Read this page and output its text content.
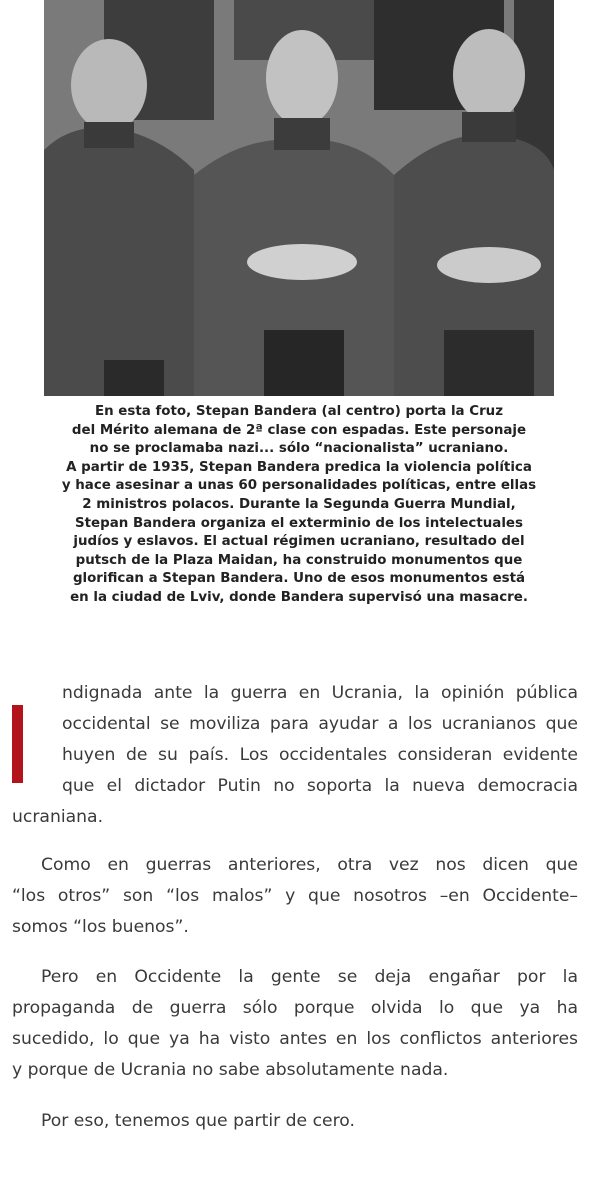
En esta foto, Stepan Bandera (al centro) porta la Cruz
del Mérito alemana de 2ª clase con espadas. Este personaje
no se proclamaba nazi... sólo “nacionalista” ucraniano.
A partir de 1935, Stepan Bandera predica la violencia política
y hace asesinar a unas 60 personalidades políticas, entre ellas
2 ministros polacos. Durante la Segunda Guerra Mundial,
Stepan Bandera organiza el exterminio de los intelectuales
judíos y eslavos. El actual régimen ucraniano, resultado del
putsch de la Plaza Maidan, ha construido monumentos que
glorifican a Stepan Bandera. Uno de esos monumentos está
en la ciudad de Lviv, donde Bandera supervisó una masacre.
ndignada ante la guerra en Ucrania, la opinión pública
occidental se moviliza para ayudar a los ucranianos que
huyen de su país. Los occidentales consideran evidente
que el dictador Putin no soporta la nueva democracia
ucraniana.
Como en guerras anteriores, otra vez nos dicen que
“los otros” son “los malos” y que nosotros –en Occidente–
somos “los buenos”.
Pero en Occidente la gente se deja engañar por la
propaganda de guerra sólo porque olvida lo que ya ha
sucedido, lo que ya ha visto antes en los conflictos anteriores
y porque de Ucrania no sabe absolutamente nada.
Por eso, tenemos que partir de cero.
